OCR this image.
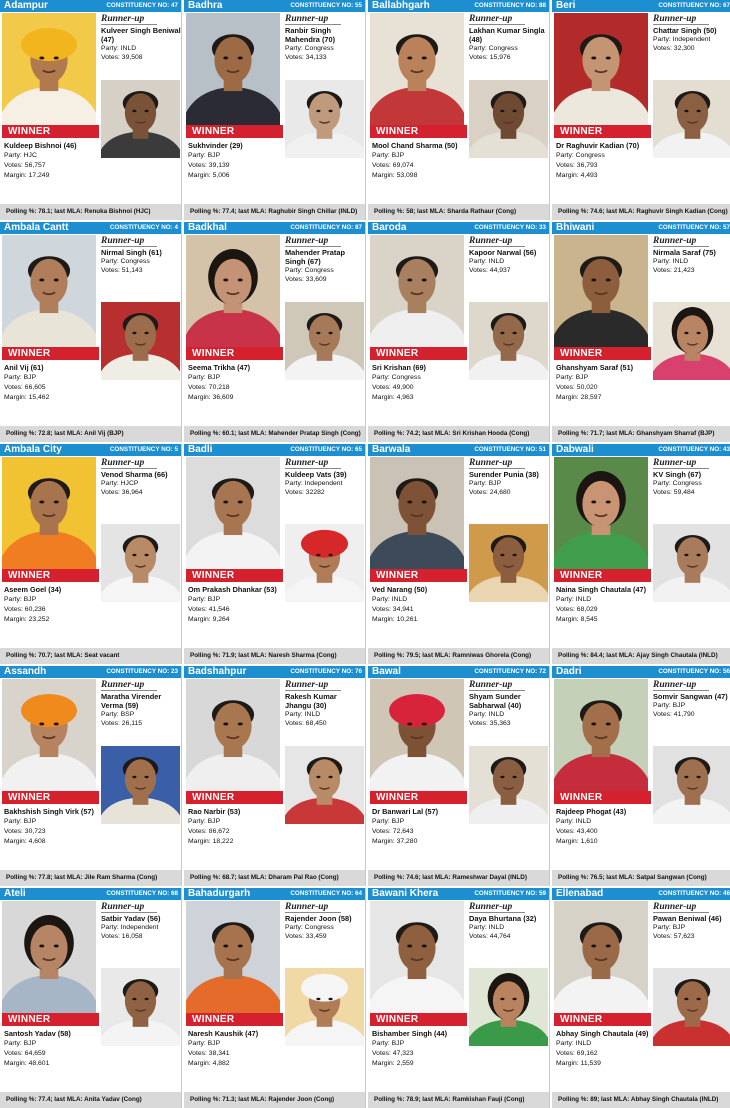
Adampur	CONSTITUENCY NO: 47
WINNER
Runner-up
Kulveer Singh Beniwal (47)
Party: INLD
Votes: 39,508
Kuldeep Bishnoi (46)
Party: HJC
Votes: 56,757
Margin: 17,249
Polling %: 78.1; last MLA: Renuka Bishnoi (HJC)
Badhra	CONSTITUENCY NO: 55
WINNER
Runner-up
Ranbir Singh Mahendra (70)
Party: Congress
Votes: 34,133
Sukhvinder (29)
Party: BJP
Votes: 39,139
Margin: 5,006
Polling %: 77.4; last MLA: Raghubir Singh Chillar (INLD)
Ballabhgarh	CONSTITUENCY NO: 88
WINNER
Runner-up
Lakhan Kumar Singla (48)
Party: Congress
Votes: 15,976
Mool Chand Sharma (50)
Party: BJP
Votes: 69,074
Margin: 53,098
Polling %: 58; last MLA: Sharda Rathaur (Cong)
Beri	CONSTITUENCY NO: 67
WINNER
Runner-up
Chattar Singh (50)
Party: Independent
Votes: 32,300
Dr Raghuvir Kadian (70)
Party: Congress
Votes: 36,793
Margin: 4,493
Polling %: 74.6; last MLA: Raghuvir Singh Kadian (Cong)
Ambala Cantt	CONSTITUENCY NO: 4
WINNER
Runner-up
Nirmal Singh (61)
Party: Congress
Votes: 51,143
Anil Vij (61)
Party: BJP
Votes: 66,605
Margin: 15,462
Polling %: 72.8; last MLA: Anil Vij (BJP)
Badkhal	CONSTITUENCY NO: 87
WINNER
Runner-up
Mahender Pratap Singh (67)
Party: Congress
Votes: 33,609
Seema Trikha (47)
Party: BJP
Votes: 70,218
Margin: 36,609
Polling %: 60.1; last MLA: Mahender Pratap Singh (Cong)
Baroda	CONSTITUENCY NO: 33
WINNER
Runner-up
Kapoor Narwal (56)
Party: INLD
Votes: 44,937
Sri Krishan (69)
Party: Congress
Votes: 49,900
Margin: 4,963
Polling %: 74.2; last MLA: Sri Krishan Hooda (Cong)
Bhiwani	CONSTITUENCY NO: 57
WINNER
Runner-up
Nirmala Saraf (75)
Party: INLD
Votes: 21,423
Ghanshyam Saraf (51)
Party: BJP
Votes: 50,020
Margin: 28,597
Polling %: 71.7; last MLA: Ghanshyam Sharraf (BJP)
Ambala City	CONSTITUENCY NO: 5
WINNER
Runner-up
Venod Sharma (66)
Party: HJCP
Votes: 36,964
Aseem Goel (34)
Party: BJP
Votes: 60,236
Margin: 23,252
Polling %: 70.7; last MLA: Seat vacant
Badli	CONSTITUENCY NO: 65
WINNER
Runner-up
Kuldeep Vats (39)
Party: Independent
Votes: 32282
Om Prakash Dhankar (53)
Party: BJP
Votes: 41,546
Margin: 9,264
Polling %: 71.9; last MLA: Naresh Sharma (Cong)
Barwala	CONSTITUENCY NO: 51
WINNER
Runner-up
Surender Punia (38)
Party: BJP
Votes: 24,680
Ved Narang (50)
Party: INLD
Votes: 34,941
Margin: 10,261
Polling %: 79.5; last MLA: Ramniwas Ghorela (Cong)
Dabwali	CONSTITUENCY NO: 43
WINNER
Runner-up
KV Singh (67)
Party: Congress
Votes: 59,484
Naina Singh Chautala (47)
Party: INLD
Votes: 68,029
Margin: 8,545
Polling %: 84.4; last MLA: Ajay Singh Chautala (INLD)
Assandh	CONSTITUENCY NO: 23
WINNER
Runner-up
Maratha Virender Verma (59)
Party: BSP
Votes: 26,115
Bakhshish Singh Virk (57)
Party: BJP
Votes: 30,723
Margin: 4,608
Polling %: 77.8; last MLA: Jile Ram Sharma (Cong)
Badshahpur	CONSTITUENCY NO: 76
WINNER
Runner-up
Rakesh Kumar Jhangu (30)
Party: INLD
Votes: 68,450
Rao Narbir (53)
Party: BJP
Votes: 86,672
Margin: 18,222
Polling %: 68.7; last MLA: Dharam Pal Rao (Cong)
Bawal	CONSTITUENCY NO: 72
WINNER
Runner-up
Shyam Sunder Sabharwal (40)
Party: INLD
Votes: 35,363
Dr Banwari Lal (57)
Party: BJP
Votes: 72,643
Margin: 37,280
Polling %: 74.6; last MLA: Rameshwar Dayal (INLD)
Dadri	CONSTITUENCY NO: 56
WINNER
Runner-up
Somvir Sangwan (47)
Party: BJP
Votes: 41,790
Rajdeep Phogat (43)
Party: INLD
Votes: 43,400
Margin: 1,610
Polling %: 76.5; last MLA: Satpal Sangwan (Cong)
Ateli	CONSTITUENCY NO: 68
WINNER
Runner-up
Satbir Yadav (56)
Party: Independent
Votes: 16,058
Santosh Yadav (58)
Party: BJP
Votes: 64,659
Margin: 48,601
Polling %: 77.4; last MLA: Anita Yadav (Cong)
Bahadurgarh	CONSTITUENCY NO: 64
WINNER
Runner-up
Rajender Joon (58)
Party: Congress
Votes: 33,459
Naresh Kaushik (47)
Party: BJP
Votes: 38,341
Margin: 4,882
Polling %: 71.3; last MLA: Rajender Joon (Cong)
Bawani Khera	CONSTITUENCY NO: 59
WINNER
Runner-up
Daya Bhurtana (32)
Party: INLD
Votes: 44,764
Bishamber Singh (44)
Party: BJP
Votes: 47,323
Margin: 2,559
Polling %: 78.9; last MLA: Ramkishan Fauji (Cong)
Ellenabad	CONSTITUENCY NO: 46
WINNER
Runner-up
Pawan Beniwal (46)
Party: BJP
Votes: 57,623
Abhay Singh Chautala (49)
Party: INLD
Votes: 69,162
Margin: 11,539
Polling %: 89; last MLA: Abhay Singh Chautala (INLD)
